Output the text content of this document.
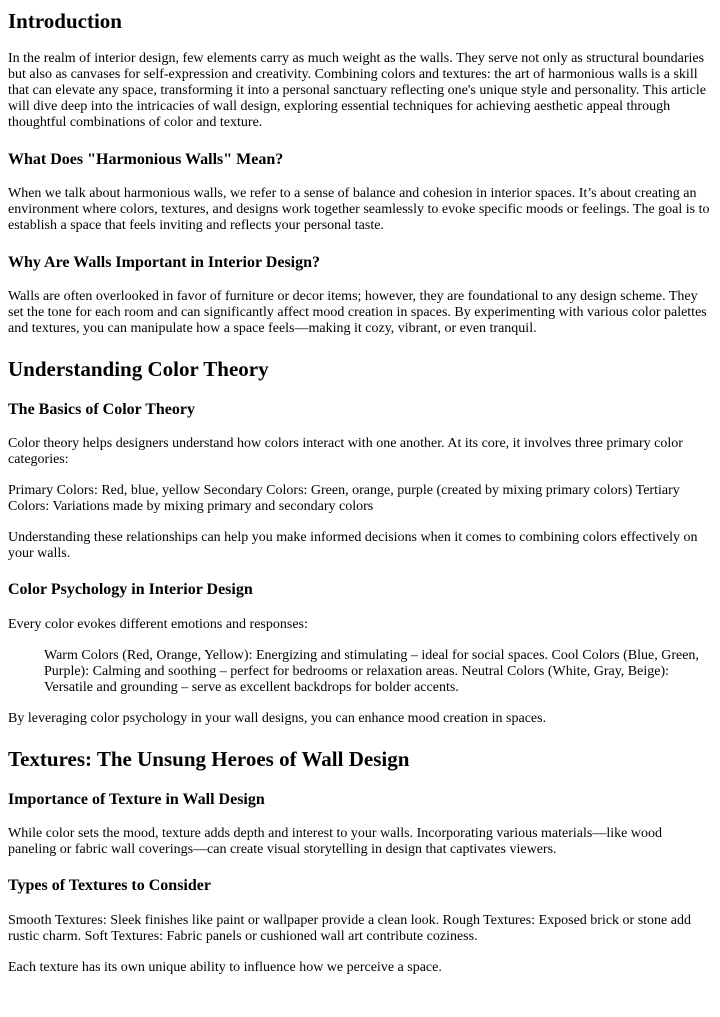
Introduction

In the realm of interior design, few elements carry as much weight as the walls. They serve not only as structural boundaries but also as canvases for self-expression and creativity. Combining colors and textures: the art of harmonious walls is a skill that can elevate any space, transforming it into a personal sanctuary reflecting one's unique style and personality. This article will dive deep into the intricacies of wall design, exploring essential techniques for achieving aesthetic appeal through thoughtful combinations of color and texture.

What Does "Harmonious Walls" Mean?

When we talk about harmonious walls, we refer to a sense of balance and cohesion in interior spaces. It’s about creating an environment where colors, textures, and designs work together seamlessly to evoke specific moods or feelings. The goal is to establish a space that feels inviting and reflects your personal taste.

Why Are Walls Important in Interior Design?

Walls are often overlooked in favor of furniture or decor items; however, they are foundational to any design scheme. They set the tone for each room and can significantly affect mood creation in spaces. By experimenting with various color palettes and textures, you can manipulate how a space feels—making it cozy, vibrant, or even tranquil.

Understanding Color Theory
The Basics of Color Theory

Color theory helps designers understand how colors interact with one another. At its core, it involves three primary color categories:

Primary Colors: Red, blue, yellow Secondary Colors: Green, orange, purple (created by mixing primary colors) Tertiary Colors: Variations made by mixing primary and secondary colors

Understanding these relationships can help you make informed decisions when it comes to combining colors effectively on your walls.

Color Psychology in Interior Design

Every color evokes different emotions and responses:

Warm Colors (Red, Orange, Yellow): Energizing and stimulating – ideal for social spaces. Cool Colors (Blue, Green, Purple): Calming and soothing – perfect for bedrooms or relaxation areas. Neutral Colors (White, Gray, Beige): Versatile and grounding – serve as excellent backdrops for bolder accents.

By leveraging color psychology in your wall designs, you can enhance mood creation in spaces.

Textures: The Unsung Heroes of Wall Design
Importance of Texture in Wall Design

While color sets the mood, texture adds depth and interest to your walls. Incorporating various materials—like wood paneling or fabric wall coverings—can create visual storytelling in design that captivates viewers.

Types of Textures to Consider

Smooth Textures: Sleek finishes like paint or wallpaper provide a clean look. Rough Textures: Exposed brick or stone add rustic charm. Soft Textures: Fabric panels or cushioned wall art contribute coziness.

Each texture has its own unique ability to influence how we perceive a space.
